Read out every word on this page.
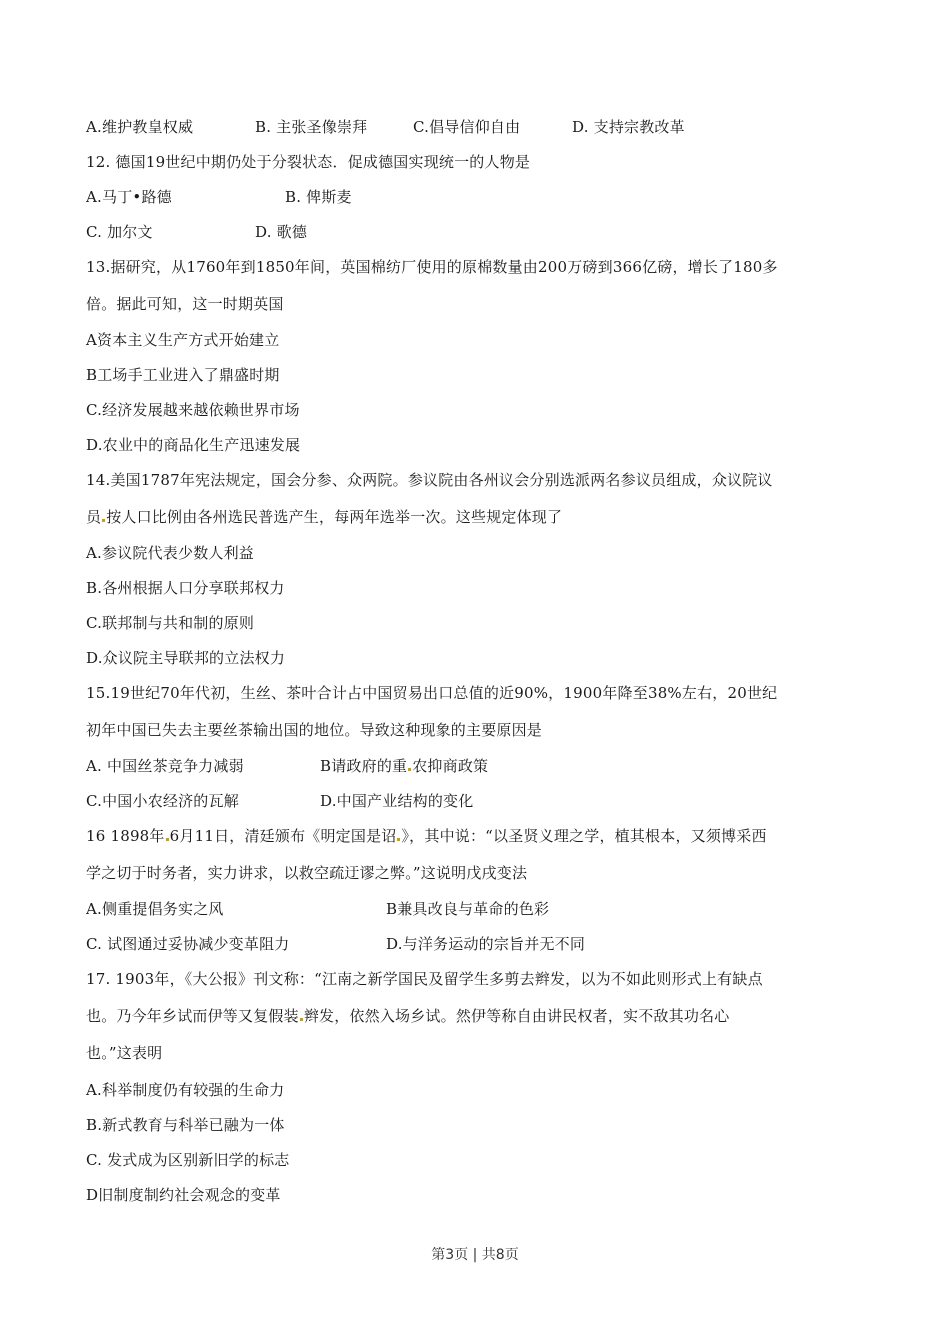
A.维护教皇权威	B. 主张圣像崇拜	C.倡导信仰自由	D. 支持宗教改革
12. 德国19世纪中期仍处于分裂状态．促成德国实现统一的人物是
A.马丁•路德	B. 俾斯麦
C. 加尔文	D. 歌德
13.据研究，从1760年到1850年间，英国棉纺厂使用的原棉数量由200万磅到366亿磅，增长了180多
倍。据此可知，这一时期英国
A资本主义生产方式开始建立
B工场手工业进入了鼎盛时期
C.经济发展越来越依赖世界市场
D.农业中的商品化生产迅速发展
14.美国1787年宪法规定，国会分参、众两院。参议院由各州议会分别选派两名参议员组成，众议院议
员 按人口比例由各州选民普选产生，每两年选举一次。这些规定体现了
A.参议院代表少数人利益
B.各州根据人口分享联邦权力
C.联邦制与共和制的原则
D.众议院主导联邦的立法权力
15.19世纪70年代初，生丝、茶叶合计占中国贸易出口总值的近90%，1900年降至38%左右，20世纪
初年中国已失去主要丝茶输出国的地位。导致这种现象的主要原因是
A. 中国丝茶竞争力减弱	B请政府的重 农抑商政策
C.中国小农经济的瓦解	D.中国产业结构的变化
16 1898年 6月11日，清廷颁布《明定国是诏 》，其中说：“以圣贤义理之学，植其根本，又须博采西
学之切于时务者，实力讲求，以救空疏迂谬之弊。”这说明戊戌变法
A.侧重提倡务实之风	B兼具改良与革命的色彩
C. 试图通过妥协减少变革阻力	D.与洋务运动的宗旨并无不同
17. 1903年，《大公报》刊文称：“江南之新学国民及留学生多剪去辫发，以为不如此则形式上有缺点
也。乃今年乡试而伊等又复假装 辫发，依然入场乡试。然伊等称自由讲民权者，实不敌其功名心
也。”这表明
A.科举制度仍有较强的生命力
B.新式教育与科举已融为一体
C. 发式成为区别新旧学的标志
D旧制度制约社会观念的变革
第3页 | 共8页
